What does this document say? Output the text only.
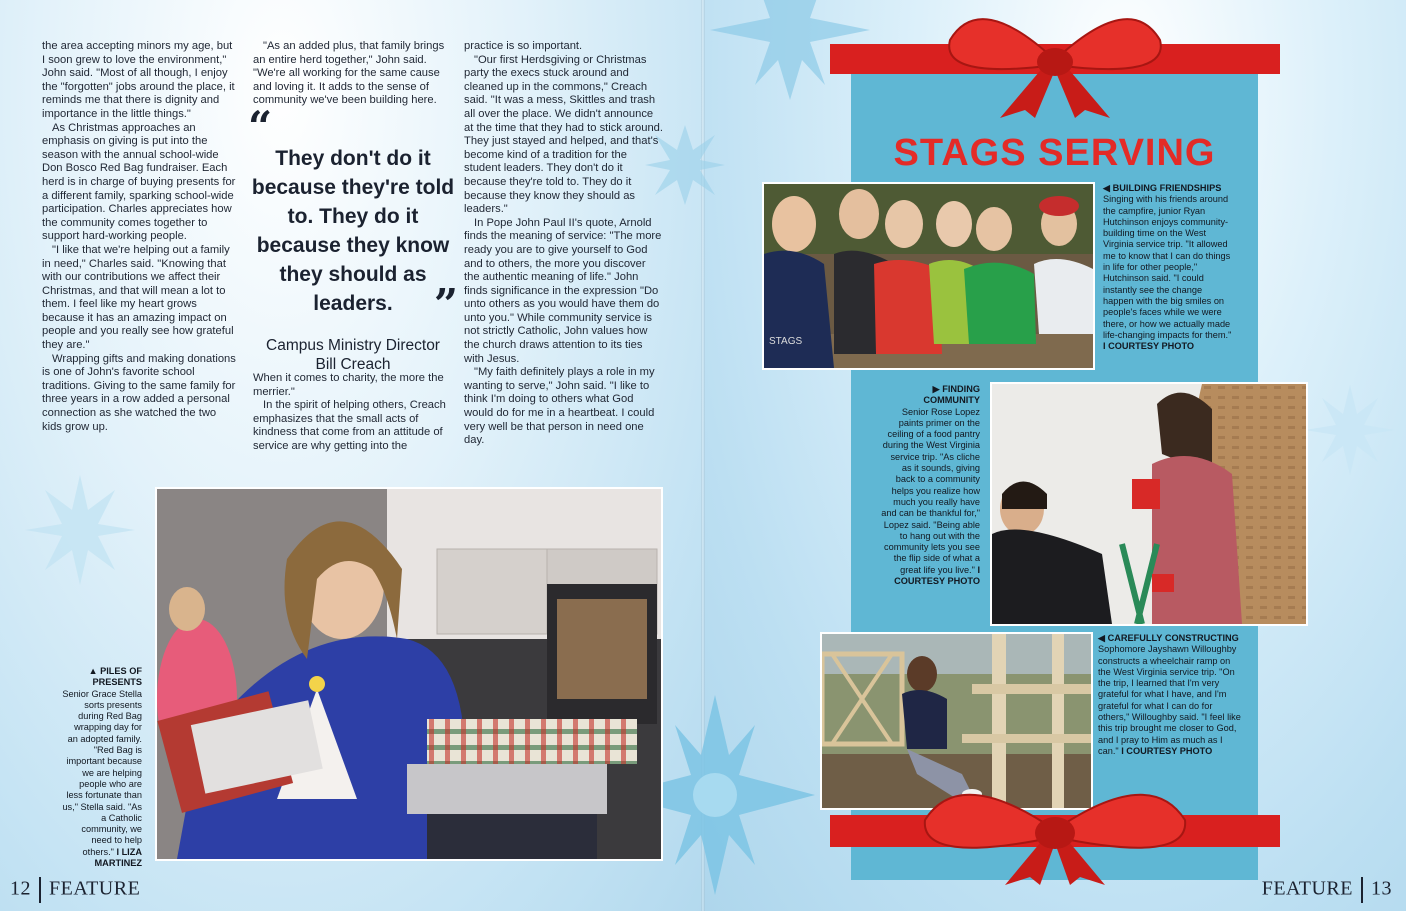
the area accepting minors my age, but I soon grew to love the environment," John said. "Most of all though, I enjoy the "forgotten" jobs around the place, it reminds me that there is dignity and importance in the little things."

As Christmas approaches an emphasis on giving is put into the season with the annual school-wide Don Bosco Red Bag fundraiser. Each herd is in charge of buying presents for a different family, sparking school-wide participation. Charles appreciates how the community comes together to support hard-working people.

"I like that we're helping out a family in need," Charles said. "Knowing that with our contributions we affect their Christmas, and that will mean a lot to them. I feel like my heart grows because it has an amazing impact on people and you really see how grateful they are."

Wrapping gifts and making donations is one of John's favorite school traditions. Giving to the same family for three years in a row added a personal connection as she watched the two kids grow up.

"As an added plus, that family brings an entire herd together," John said. "We're all working for the same cause and loving it. It adds to the sense of community we've been building here.

“
They don't do it because they're told to. They do it because they know they should as leaders. ”
Campus Ministry Director
Bill Creach

When it comes to charity, the more the merrier."

In the spirit of helping others, Creach emphasizes that the small acts of kindness that come from an attitude of service are why getting into the

practice is so important.

"Our first Herdsgiving or Christmas party the execs stuck around and cleaned up in the commons," Creach said. "It was a mess, Skittles and trash all over the place. We didn't announce at the time that they had to stick around. They just stayed and helped, and that's become kind of a tradition for the student leaders. They don't do it because they're told to. They do it because they know they should as leaders."

In Pope John Paul II's quote, Arnold finds the meaning of service: "The more ready you are to give yourself to God and to others, the more you discover the authentic meaning of life." John finds significance in the expression "Do unto others as you would have them do unto you." While community service is not strictly Catholic, John values how the church draws attention to its ties with Jesus.

"My faith definitely plays a role in my wanting to serve," John said. "I like to think I'm doing to others what God would do for me in a heartbeat. I could very well be that person in need one day.

▲ PILES OF PRESENTS
Senior Grace Stella sorts presents during Red Bag wrapping day for an adopted family. "Red Bag is important because we are helping people who are less fortunate than us," Stella said. "As a Catholic community, we need to help others." I LIZA MARTINEZ
12 FEATURE
STAGS SERVING
STAGS
◀ BUILDING FRIENDSHIPS
Singing with his friends around the campfire, junior Ryan Hutchinson enjoys community-building time on the West Virginia service trip. "It allowed me to know that I can do things in life for other people," Hutchinson said. "I could instantly see the change happen with the big smiles on people's faces while we were there, or how we actually made life-changing impacts for them." I COURTESY PHOTO
▶ FINDING COMMUNITY
Senior Rose Lopez paints primer on the ceiling of a food pantry during the West Virginia service trip. "As cliche as it sounds, giving back to a community helps you realize how much you really have and can be thankful for," Lopez said. "Being able to hang out with the community lets you see the flip side of what a great life you live." I COURTESY PHOTO
◀ CAREFULLY CONSTRUCTING
Sophomore Jayshawn Willoughby constructs a wheelchair ramp on the West Virginia service trip. "On the trip, I learned that I'm very grateful for what I have, and I'm grateful for what I can do for others," Willoughby said. "I feel like this trip brought me closer to God, and I pray to Him as much as I can." I COURTESY PHOTO
FEATURE 13
